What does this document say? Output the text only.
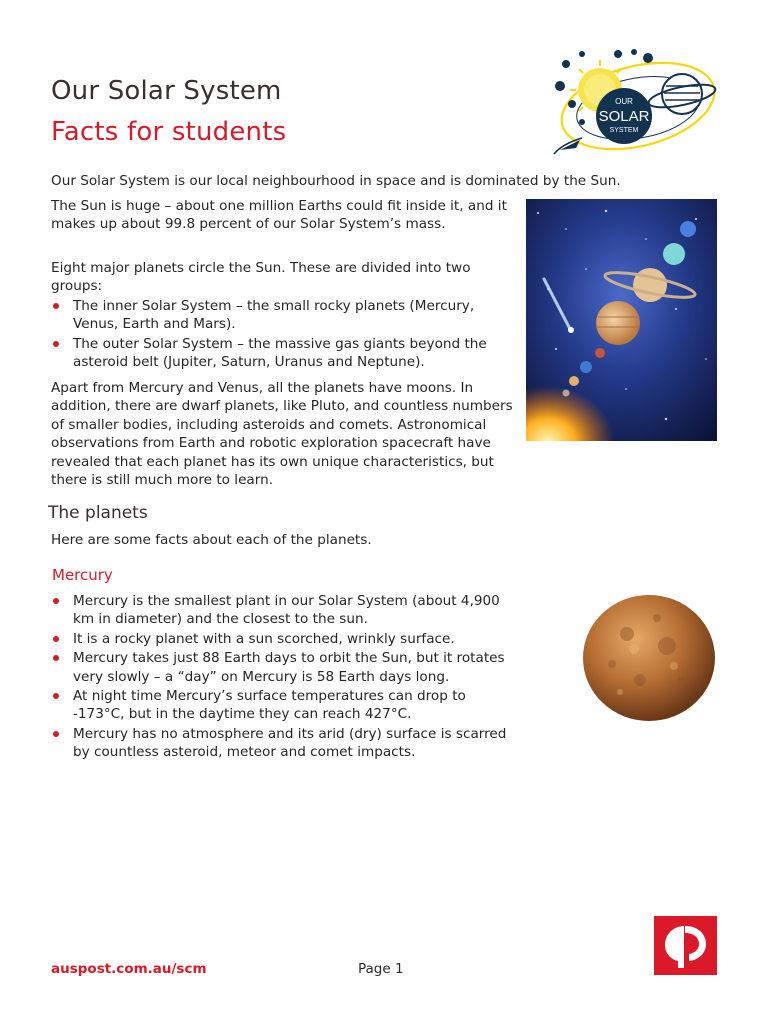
Our Solar System
Facts for students
OUR
SOLAR
SYSTEM
Our Solar System is our local neighbourhood in space and is dominated by the Sun.
The Sun is huge – about one million Earths could fit inside it, and it makes up about 99.8 percent of our Solar System’s mass.
Eight major planets circle the Sun. These are divided into two groups:
The inner Solar System – the small rocky planets (Mercury, Venus, Earth and Mars).
The outer Solar System – the massive gas giants beyond the asteroid belt (Jupiter, Saturn, Uranus and Neptune).
Apart from Mercury and Venus, all the planets have moons. In addition, there are dwarf planets, like Pluto, and countless numbers of smaller bodies, including asteroids and comets. Astronomical observations from Earth and robotic exploration spacecraft have revealed that each planet has its own unique characteristics, but there is still much more to learn.
The planets
Here are some facts about each of the planets.
Mercury
Mercury is the smallest plant in our Solar System (about 4,900 km in diameter) and the closest to the sun.
It is a rocky planet with a sun scorched, wrinkly surface.
Mercury takes just 88 Earth days to orbit the Sun, but it rotates very slowly – a “day” on Mercury is 58 Earth days long.
At night time Mercury’s surface temperatures can drop to -173°C, but in the daytime they can reach 427°C.
Mercury has no atmosphere and its arid (dry) surface is scarred by countless asteroid, meteor and comet impacts.
auspost.com.au/scm	Page 1
